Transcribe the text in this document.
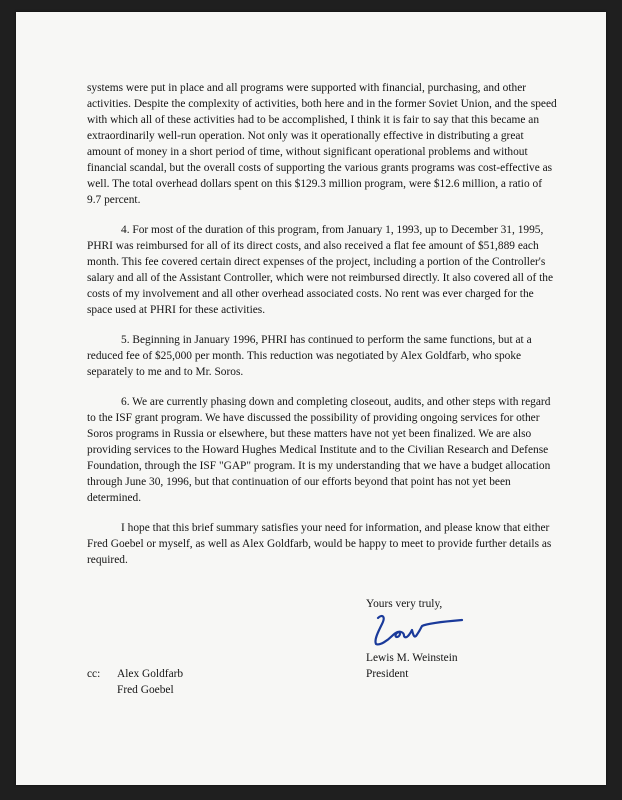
systems were put in place and all programs were supported with financial, purchasing, and other activities. Despite the complexity of activities, both here and in the former Soviet Union, and the speed with which all of these activities had to be accomplished, I think it is fair to say that this became an extraordinarily well-run operation. Not only was it operationally effective in distributing a great amount of money in a short period of time, without significant operational problems and without financial scandal, but the overall costs of supporting the various grants programs was cost-effective as well. The total overhead dollars spent on this $129.3 million program, were $12.6 million, a ratio of 9.7 percent.

4. For most of the duration of this program, from January 1, 1993, up to December 31, 1995, PHRI was reimbursed for all of its direct costs, and also received a flat fee amount of $51,889 each month. This fee covered certain direct expenses of the project, including a portion of the Controller's salary and all of the Assistant Controller, which were not reimbursed directly. It also covered all of the costs of my involvement and all other overhead associated costs. No rent was ever charged for the space used at PHRI for these activities.

5. Beginning in January 1996, PHRI has continued to perform the same functions, but at a reduced fee of $25,000 per month. This reduction was negotiated by Alex Goldfarb, who spoke separately to me and to Mr. Soros.

6. We are currently phasing down and completing closeout, audits, and other steps with regard to the ISF grant program. We have discussed the possibility of providing ongoing services for other Soros programs in Russia or elsewhere, but these matters have not yet been finalized. We are also providing services to the Howard Hughes Medical Institute and to the Civilian Research and Defense Foundation, through the ISF "GAP" program. It is my understanding that we have a budget allocation through June 30, 1996, but that continuation of our efforts beyond that point has not yet been determined.

I hope that this brief summary satisfies your need for information, and please know that either Fred Goebel or myself, as well as Alex Goldfarb, would be happy to meet to provide further details as required.

Yours very truly,
Lewis M. Weinstein
President
cc:	Alex Goldfarb
Fred Goebel
